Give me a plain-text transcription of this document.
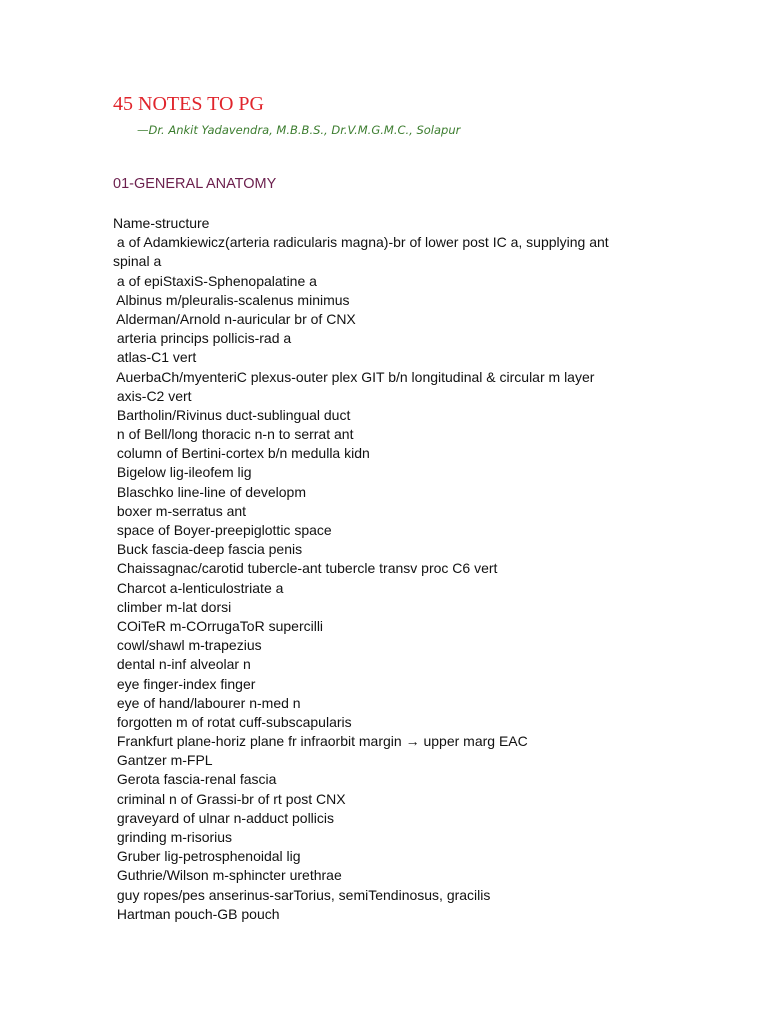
45 NOTES TO PG

—Dr. Ankit Yadavendra, M.B.B.S., Dr.V.M.G.M.C., Solapur

01-GENERAL ANATOMY
Name-structure
a of Adamkiewicz(arteria radicularis magna)-br of lower post IC a, supplying ant
spinal a
a of epiStaxiS-Sphenopalatine a
Albinus m/pleuralis-scalenus minimus
Alderman/Arnold n-auricular br of CNX
arteria princips pollicis-rad a
atlas-C1 vert
AuerbaCh/myenteriC plexus-outer plex GIT b/n longitudinal & circular m layer
axis-C2 vert
Bartholin/Rivinus duct-sublingual duct
n of Bell/long thoracic n-n to serrat ant
column of Bertini-cortex b/n medulla kidn
Bigelow lig-ileofem lig
Blaschko line-line of developm
boxer m-serratus ant
space of Boyer-preepiglottic space
Buck fascia-deep fascia penis
Chaissagnac/carotid tubercle-ant tubercle transv proc C6 vert
Charcot a-lenticulostriate a
climber m-lat dorsi
COiTeR m-COrrugaToR supercilli
cowl/shawl m-trapezius
dental n-inf alveolar n
eye finger-index finger
eye of hand/labourer n-med n
forgotten m of rotat cuff-subscapularis
Frankfurt plane-horiz plane fr infraorbit margin → upper marg EAC
Gantzer m-FPL
Gerota fascia-renal fascia
criminal n of Grassi-br of rt post CNX
graveyard of ulnar n-adduct pollicis
grinding m-risorius
Gruber lig-petrosphenoidal lig
Guthrie/Wilson m-sphincter urethrae
guy ropes/pes anserinus-sarTorius, semiTendinosus, gracilis
Hartman pouch-GB pouch
